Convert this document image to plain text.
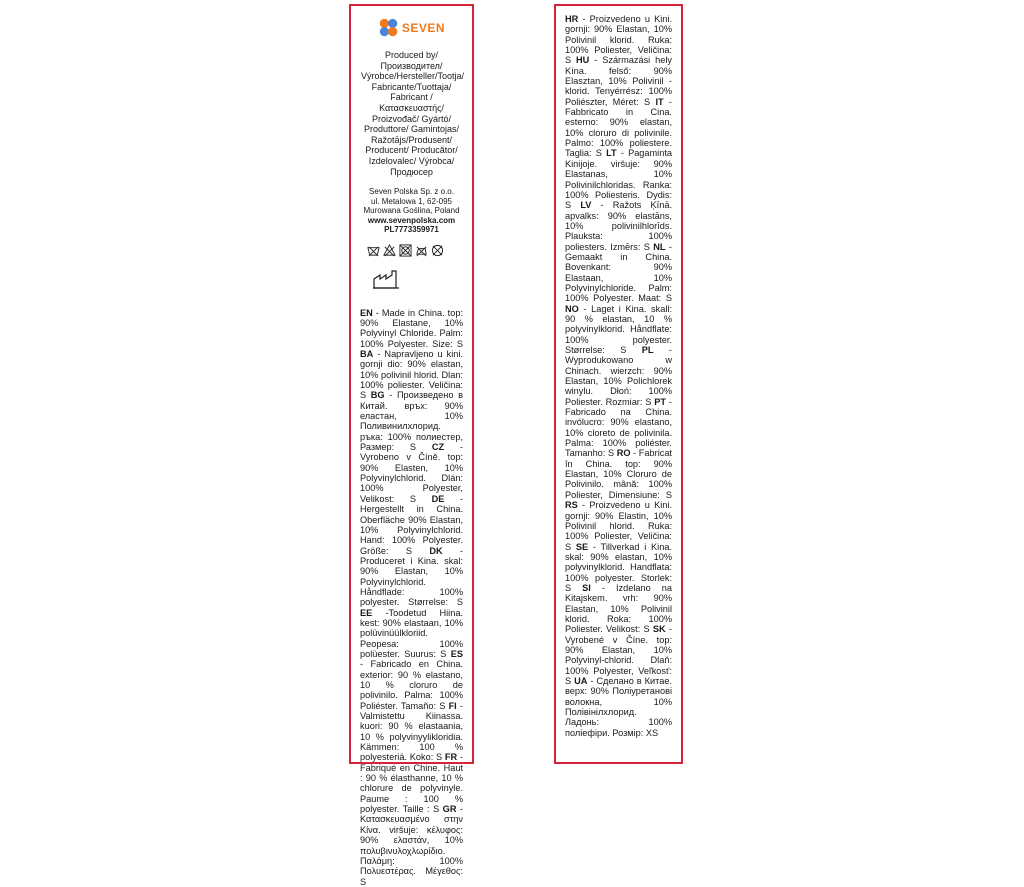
SEVEN
Produced by/
Производител/
Výrobce/Hersteller/Tootja/
Fabricante/Tuottaja/
Fabricant /Κατασκευαστής/
Proizvođač/ Gyártó/
Produttore/ Gamintojas/
Ražotājs/Produsent/
Producent/ Producător/
Izdelovalec/ Výrobca/
Продюсер
Seven Polska Sp. z o.o.
ul. Metalowa 1, 62-095
Murowana Goślina, Poland
www.sevenpolska.com
PL7773359971
EN - Made in China. top: 90% Elastane, 10% Polyvinyl Chloride. Palm: 100% Polyester. Size: S BA - Napravljeno u kini. gornji dio: 90% elastan, 10% polivinil hlorid. Dlan: 100% poliester. Veličina: S BG - Произведено в Китай. връх: 90% еластан, 10% Поливинилхлорид. ръка: 100% полиестер, Размер: S CZ - Vyrobeno v Číně. top: 90% Elasten, 10% Polyvinylchlorid. Dlán: 100% Polyester, Velikost: S DE - Hergestellt in China. Oberfläche 90% Elastan, 10% Polyvinylchlorid. Hand: 100% Polyester. Größe: S DK - Produceret i Kina. skal: 90% Elastan, 10% Polyvinylchlorid. Håndflade: 100% polyester. Størrelse: S EE -Toodetud Hiina. kest: 90% elastaan, 10% polüvinüülkloriid. Peopesa: 100% polüester. Suurus: S ES - Fabricado en China. exterior: 90 % elastano, 10 % cloruro de polivinilo. Palma: 100% Poliéster. Tamaño: S FI - Valmistettu Kiinassa. kuori: 90 % elastaania, 10 % polyvinyylikloridia. Kämmen: 100 % polyesteriä. Koko: S FR - Fabriqué en Chine. Haut : 90 % élasthanne, 10 % chlorure de polyvinyle. Paume : 100 % polyester. Taille : S GR - Κατασκευασμένο στην Κίνα. viršuje: κέλυφος: 90% ελαστάν, 10% πολυβινυλοχλωρίδιο. Παλάμη: 100% Πολυεστέρας. Μέγεθος: S
HR - Proizvedeno u Kini. gornji: 90% Elastan, 10% Polivinil klorid. Ruka: 100% Poliester, Veličina: S HU - Származási hely Kína. felső: 90% Elasztan, 10% Polivinil - klorid. Tenyérrész: 100% Poliészter, Méret: S IT - Fabbricato in Cina. esterno: 90% elastan, 10% cloruro di polivinile. Palmo: 100% poliestere. Taglia: S LT - Pagaminta Kinijoje. viršuje: 90% Elastanas, 10% Polivinilchloridas. Ranka: 100% Poliesteris. Dydis: S LV - Ražots Ķīnā. apvalks: 90% elastāns, 10% polivinilhlorīds. Plauksta: 100% poliesters. Izmērs: S NL - Gemaakt in China. Bovenkant: 90% Elastaan, 10% Polyvinylchloride. Palm: 100% Polyester. Maat: S NO - Laget i Kina. skall: 90 % elastan, 10 % polyvinylklorid. Håndflate: 100% polyester. Størrelse: S PL - Wyprodukowano w Chinach. wierzch: 90% Elastan, 10% Polichlorek winylu. Dłoń: 100% Poliester. Rozmiar: S PT - Fabricado na China. invólucro: 90% elastano, 10% cloreto de polivinila. Palma: 100% poliéster. Tamanho: S RO - Fabricat în China. top: 90% Elastan, 10% Cloruro de Polivinilo. mână: 100% Poliester, Dimensiune: S RS - Proizvedeno u Kini. gornji: 90% Elastin, 10% Polivinil hlorid. Ruka: 100% Poliester, Veličina: S SE - Tillverkad i Kina. skal: 90% elastan, 10% polyvinylklorid. Handflata: 100% polyester. Storlek: S SI - Izdelano na Kitajskem. vrh: 90% Elastan, 10% Polivinil klorid. Roka: 100% Poliester. Velikost: S SK - Vyrobené v Číne. top: 90% Elastan, 10% Polyvinyl-chlorid. Dlaň: 100% Polyester, Veľkosť: S UA - Сделано в Китае. верх: 90% Поліуретанові волокна, 10% Полівінілхлорид. Ладонь: 100% поліефіри. Розмір: XS
